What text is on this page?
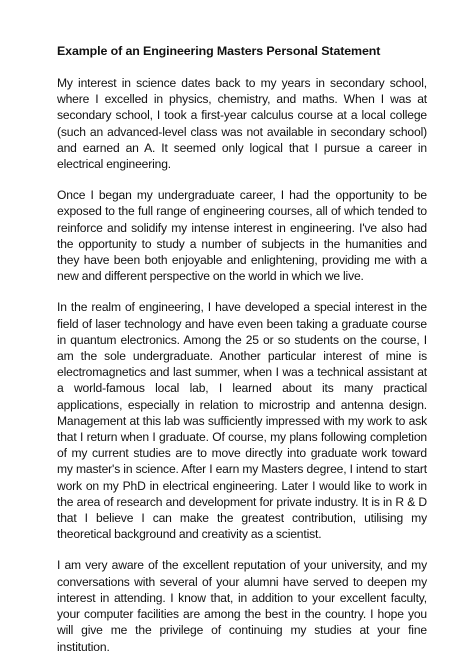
Example of an Engineering Masters Personal Statement

My interest in science dates back to my years in secondary school, where I excelled in physics, chemistry, and maths. When I was at secondary school, I took a first-year calculus course at a local college (such an advanced-level class was not available in secondary school) and earned an A. It seemed only logical that I pursue a career in electrical engineering.

Once I began my undergraduate career, I had the opportunity to be exposed to the full range of engineering courses, all of which tended to reinforce and solidify my intense interest in engineering. I've also had the opportunity to study a number of subjects in the humanities and they have been both enjoyable and enlightening, providing me with a new and different perspective on the world in which we live.

In the realm of engineering, I have developed a special interest in the field of laser technology and have even been taking a graduate course in quantum electronics. Among the 25 or so students on the course, I am the sole undergraduate. Another particular interest of mine is electromagnetics and last summer, when I was a technical assistant at a world-famous local lab, I learned about its many practical applications, especially in relation to microstrip and antenna design. Management at this lab was sufficiently impressed with my work to ask that I return when I graduate. Of course, my plans following completion of my current studies are to move directly into graduate work toward my master's in science. After I earn my Masters degree, I intend to start work on my PhD in electrical engineering. Later I would like to work in the area of research and development for private industry. It is in R & D that I believe I can make the greatest contribution, utilising my theoretical background and creativity as a scientist.

I am very aware of the excellent reputation of your university, and my conversations with several of your alumni have served to deepen my interest in attending. I know that, in addition to your excellent faculty, your computer facilities are among the best in the country. I hope you will give me the privilege of continuing my studies at your fine institution.
